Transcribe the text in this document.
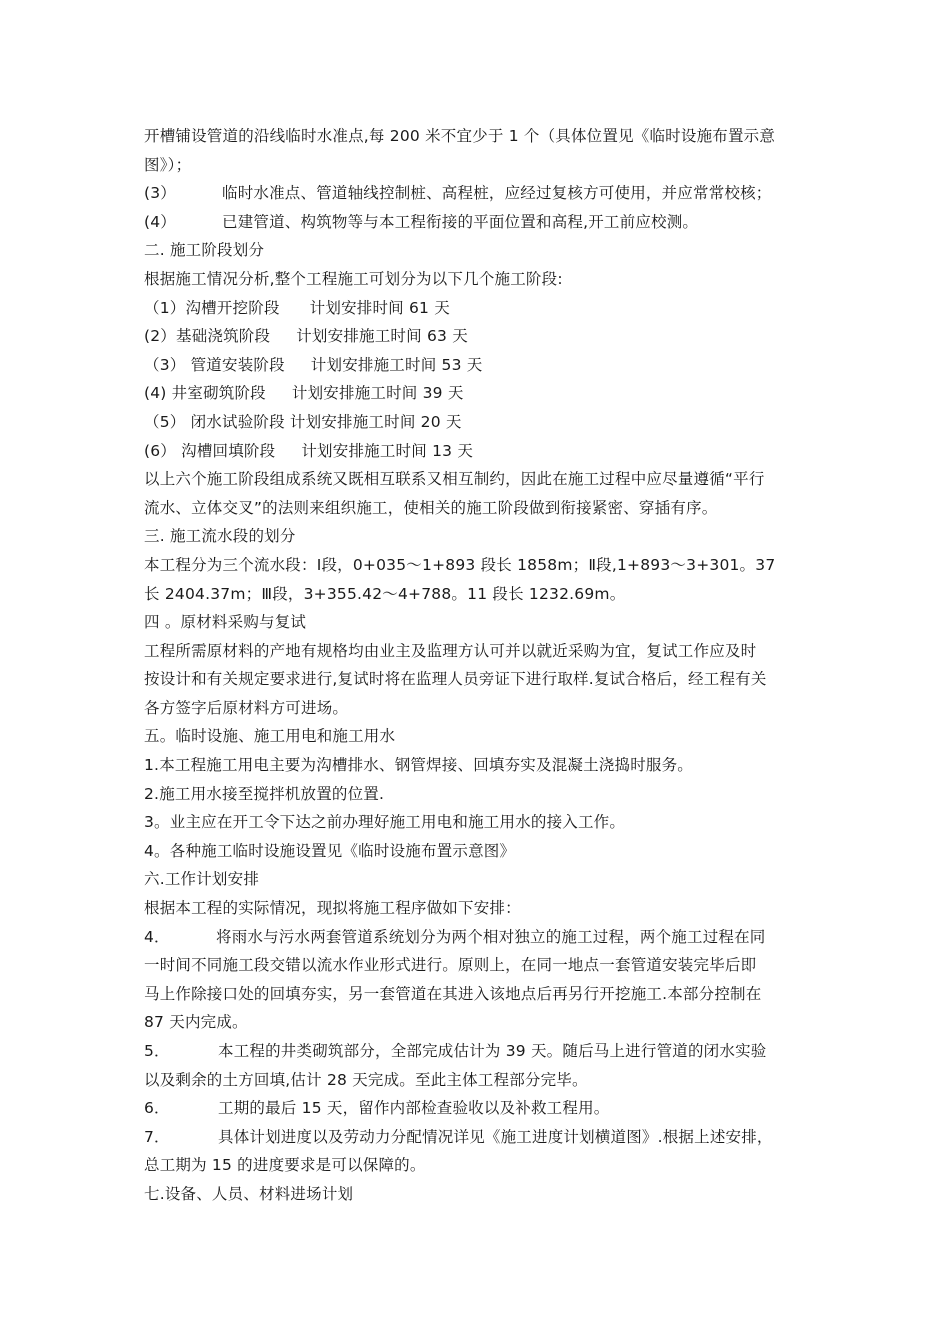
开槽铺设管道的沿线临时水准点,每 200 米不宜少于 1 个（具体位置见《临时设施布置示意
图》）；
(3）	临时水准点、管道轴线控制桩、高程桩，应经过复核方可使用，并应常常校核；
(4）	已建管道、构筑物等与本工程衔接的平面位置和高程,开工前应校测。
二. 施工阶段划分
根据施工情况分析,整个工程施工可划分为以下几个施工阶段:
（1）沟槽开挖阶段 计划安排时间 61 天
(2）基础浇筑阶段 计划安排施工时间 63 天
（3） 管道安装阶段 计划安排施工时间 53 天
(4) 井室砌筑阶段 计划安排施工时间 39 天
（5） 闭水试验阶段 计划安排施工时间 20 天
(6） 沟槽回填阶段 计划安排施工时间 13 天
以上六个施工阶段组成系统又既相互联系又相互制约，因此在施工过程中应尽量遵循“平行
流水、立体交叉”的法则来组织施工，使相关的施工阶段做到衔接紧密、穿插有序。
三. 施工流水段的划分
本工程分为三个流水段：Ⅰ段，0+035～1+893 段长 1858m；Ⅱ段,1+893～3+301。37
长 2404.37m；Ⅲ段，3+355.42～4+788。11 段长 1232.69m。
四 。原材料采购与复试
工程所需原材料的产地有规格均由业主及监理方认可并以就近采购为宜，复试工作应及时
按设计和有关规定要求进行,复试时将在监理人员旁证下进行取样.复试合格后，经工程有关
各方签字后原材料方可进场。
五。临时设施、施工用电和施工用水
1.本工程施工用电主要为沟槽排水、钢管焊接、回填夯实及混凝土浇捣时服务。
2.施工用水接至搅拌机放置的位置.
3。业主应在开工令下达之前办理好施工用电和施工用水的接入工作。
4。各种施工临时设施设置见《临时设施布置示意图》
六.工作计划安排
根据本工程的实际情况，现拟将施工程序做如下安排：
4．	将雨水与污水两套管道系统划分为两个相对独立的施工过程，两个施工过程在同
一时间不同施工段交错以流水作业形式进行。原则上，在同一地点一套管道安装完毕后即
马上作除接口处的回填夯实，另一套管道在其进入该地点后再另行开挖施工.本部分控制在
87 天内完成。
5．	本工程的井类砌筑部分，全部完成估计为 39 天。随后马上进行管道的闭水实验
以及剩余的土方回填,估计 28 天完成。至此主体工程部分完毕。
6．	工期的最后 15 天，留作内部检查验收以及补救工程用。
7．	具体计划进度以及劳动力分配情况详见《施工进度计划横道图》.根据上述安排，
总工期为 15 的进度要求是可以保障的。
七.设备、人员、材料进场计划
